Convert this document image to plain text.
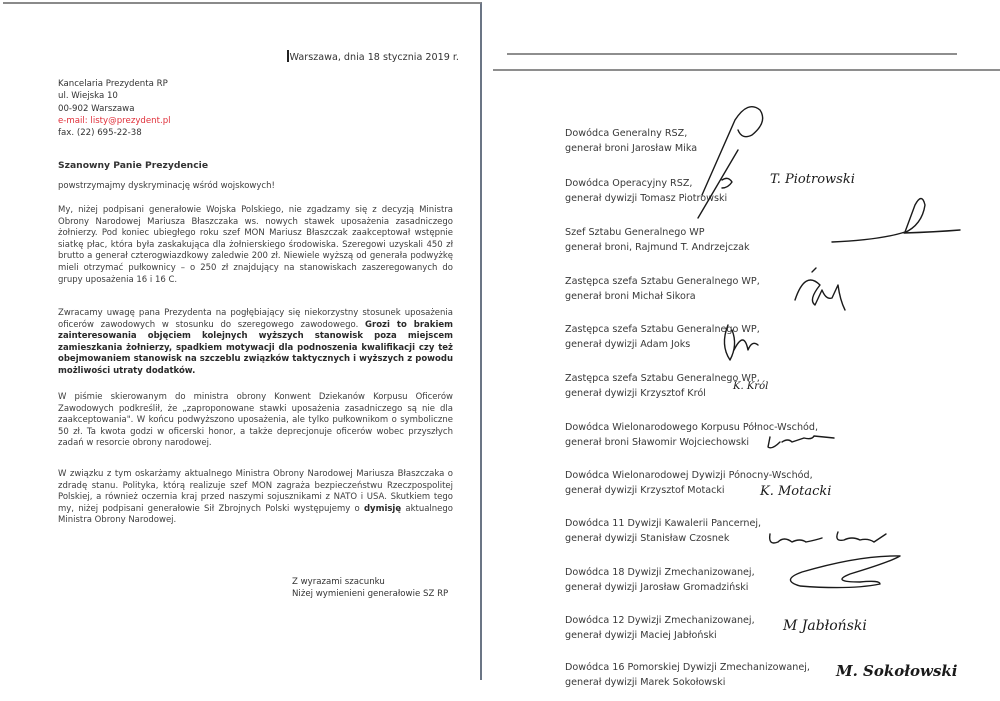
Warszawa, dnia 18 stycznia 2019 r.
Kancelaria Prezydenta RP
ul. Wiejska 10
00-902 Warszawa
e-mail: listy@prezydent.pl
fax. (22) 695-22-38
Szanowny Panie Prezydencie
powstrzymajmy dyskryminację wśród wojskowych!
My, niżej podpisani generałowie Wojska Polskiego, nie zgadzamy się z decyzją Ministra Obrony Narodowej Mariusza Błaszczaka ws. nowych stawek uposażenia zasadniczego żołnierzy. Pod koniec ubiegłego roku szef MON Mariusz Błaszczak zaakceptował wstępnie siatkę płac, która była zaskakująca dla żołnierskiego środowiska. Szeregowi uzyskali 450 zł brutto a generał czterogwiazdkowy zaledwie 200 zł. Niewiele wyższą od generała podwyżkę mieli otrzymać pułkownicy – o 250 zł znajdujący na stanowiskach zaszeregowanych do grupy uposażenia 16 i 16 C.
Zwracamy uwagę pana Prezydenta na pogłębiający się niekorzystny stosunek uposażenia oficerów zawodowych w stosunku do szeregowego zawodowego. Grozi to brakiem zainteresowania objęciem kolejnych wyższych stanowisk poza miejscem zamieszkania żołnierzy, spadkiem motywacji dla podnoszenia kwalifikacji czy też obejmowaniem stanowisk na szczeblu związków taktycznych i wyższych z powodu możliwości utraty dodatków.
W piśmie skierowanym do ministra obrony Konwent Dziekanów Korpusu Oficerów Zawodowych podkreślił, że „zaproponowane stawki uposażenia zasadniczego są nie dla zaakceptowania". W końcu podwyższono uposażenia, ale tylko pułkownikom o symboliczne 50 zł. Ta kwota godzi w oficerski honor, a także deprecjonuje oficerów wobec przyszłych zadań w resorcie obrony narodowej.
W związku z tym oskarżamy aktualnego Ministra Obrony Narodowej Mariusza Błaszczaka o zdradę stanu. Polityka, którą realizuje szef MON zagraża bezpieczeństwu Rzeczpospolitej Polskiej, a również oczernia kraj przed naszymi sojusznikami z NATO i USA. Skutkiem tego my, niżej podpisani generałowie Sił Zbrojnych Polski występujemy o dymisję aktualnego Ministra Obrony Narodowej.
Z wyrazami szacunku
Niżej wymienieni generałowie SZ RP
Dowódca Generalny RSZ,
generał broni Jarosław Mika
Dowódca Operacyjny RSZ,
generał dywizji Tomasz Piotrowski
Szef Sztabu Generalnego WP
generał broni, Rajmund T. Andrzejczak
Zastępca szefa Sztabu Generalnego WP,
generał broni Michał Sikora
Zastępca szefa Sztabu Generalnego WP,
generał dywizji Adam Joks
Zastępca szefa Sztabu Generalnego WP,
generał dywizji Krzysztof Król
Dowódca Wielonarodowego Korpusu Północ-Wschód,
generał broni Sławomir Wojciechowski
Dowódca Wielonarodowej Dywizji Pónocny-Wschód,
generał dywizji Krzysztof Motacki
Dowódca 11 Dywizji Kawalerii Pancernej,
generał dywizji Stanisław Czosnek
Dowódca 18 Dywizji Zmechanizowanej,
generał dywizji Jarosław Gromadziński
Dowódca 12 Dywizji Zmechanizowanej,
generał dywizji Maciej Jabłoński
Dowódca 16 Pomorskiej Dywizji Zmechanizowanej,
generał dywizji Marek Sokołowski
T. Piotrowski
K. Król
K. Motacki
M Jabłoński
M. Sokołowski
